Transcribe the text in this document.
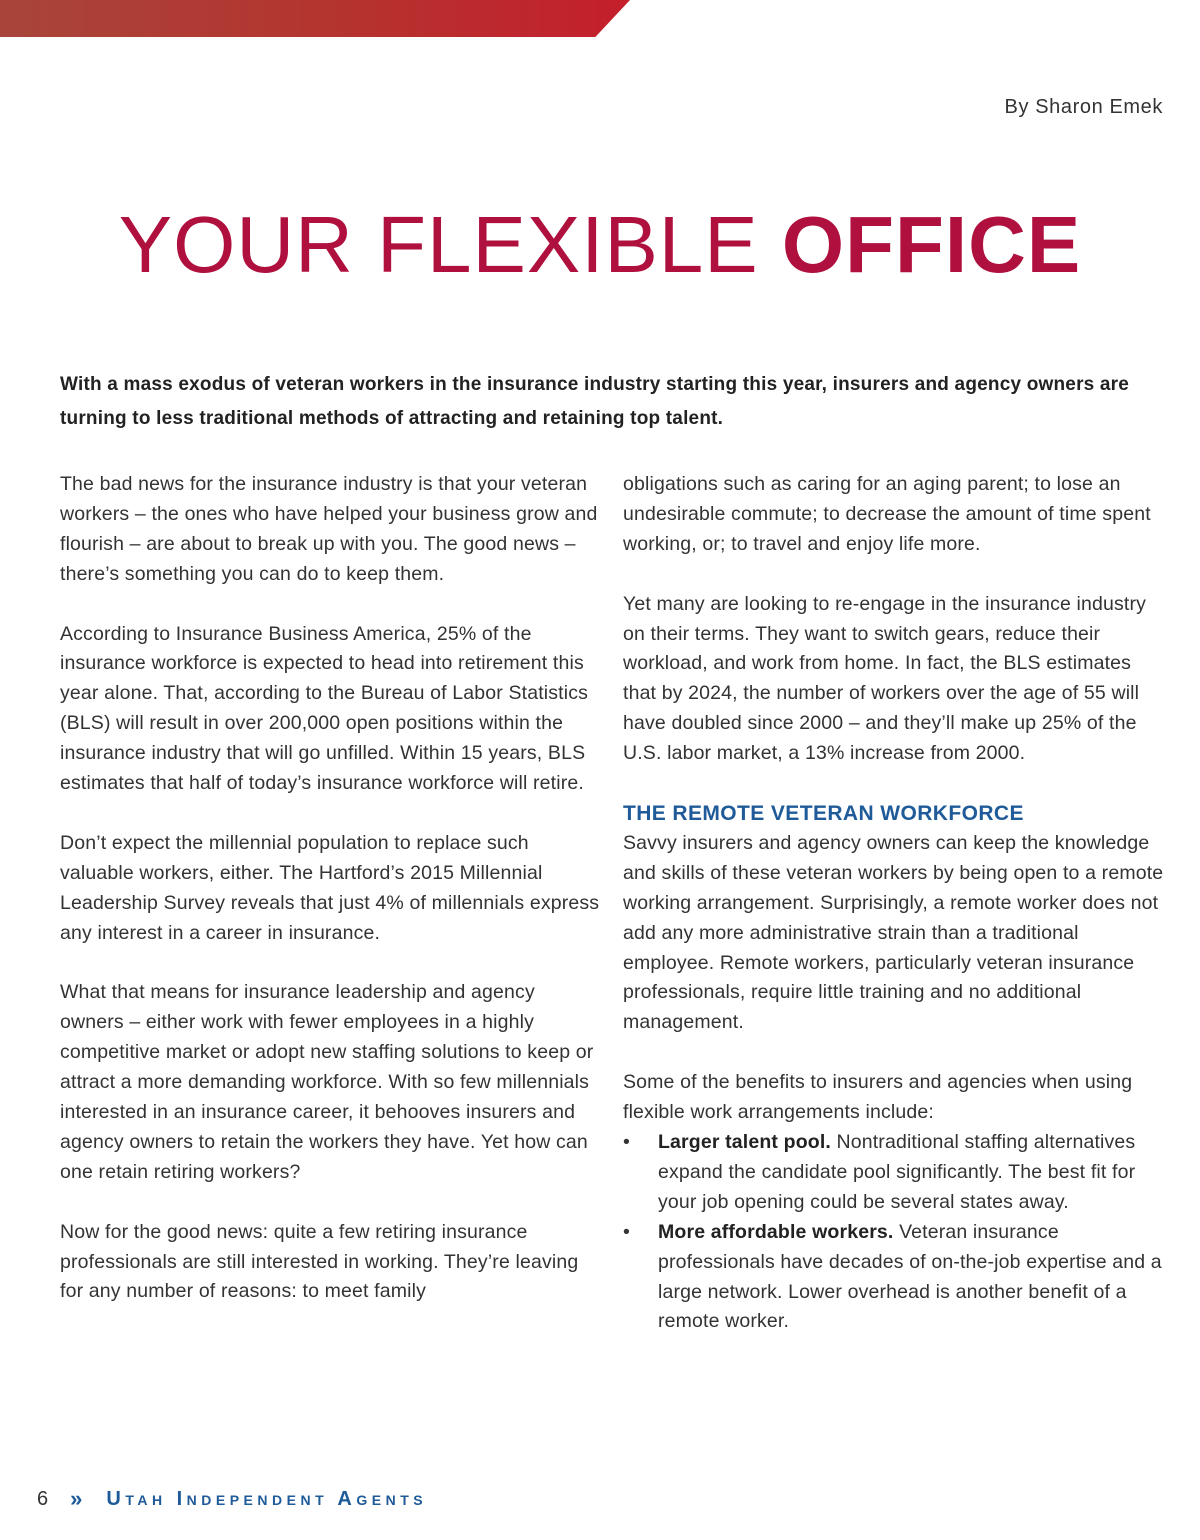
By Sharon Emek
YOUR FLEXIBLE OFFICE
With a mass exodus of veteran workers in the insurance industry starting this year, insurers and agency owners are turning to less traditional methods of attracting and retaining top talent.

The bad news for the insurance industry is that your veteran workers – the ones who have helped your business grow and flourish – are about to break up with you. The good news – there’s something you can do to keep them.

According to Insurance Business America, 25% of the insurance workforce is expected to head into retirement this year alone. That, according to the Bureau of Labor Statistics (BLS) will result in over 200,000 open positions within the insurance industry that will go unfilled. Within 15 years, BLS estimates that half of today’s insurance workforce will retire.

Don’t expect the millennial population to replace such valuable workers, either. The Hartford’s 2015 Millennial Leadership Survey reveals that just 4% of millennials express any interest in a career in insurance.

What that means for insurance leadership and agency owners – either work with fewer employees in a highly competitive market or adopt new staffing solutions to keep or attract a more demanding workforce. With so few millennials interested in an insurance career, it behooves insurers and agency owners to retain the workers they have. Yet how can one retain retiring workers?

Now for the good news: quite a few retiring insurance professionals are still interested in working. They’re leaving for any number of reasons: to meet family

obligations such as caring for an aging parent; to lose an undesirable commute; to decrease the amount of time spent working, or; to travel and enjoy life more.

Yet many are looking to re-engage in the insurance industry on their terms. They want to switch gears, reduce their workload, and work from home. In fact, the BLS estimates that by 2024, the number of workers over the age of 55 will have doubled since 2000 – and they’ll make up 25% of the U.S. labor market, a 13% increase from 2000.

THE REMOTE VETERAN WORKFORCE

Savvy insurers and agency owners can keep the knowledge and skills of these veteran workers by being open to a remote working arrangement. Surprisingly, a remote worker does not add any more administrative strain than a traditional employee. Remote workers, particularly veteran insurance professionals, require little training and no additional management.

Some of the benefits to insurers and agencies when using flexible work arrangements include:

• Larger talent pool. Nontraditional staffing alternatives expand the candidate pool significantly. The best fit for your job opening could be several states away.
• More affordable workers. Veteran insurance professionals have decades of on-the-job expertise and a large network. Lower overhead is another benefit of a remote worker.
6 » Utah Independent Agents
